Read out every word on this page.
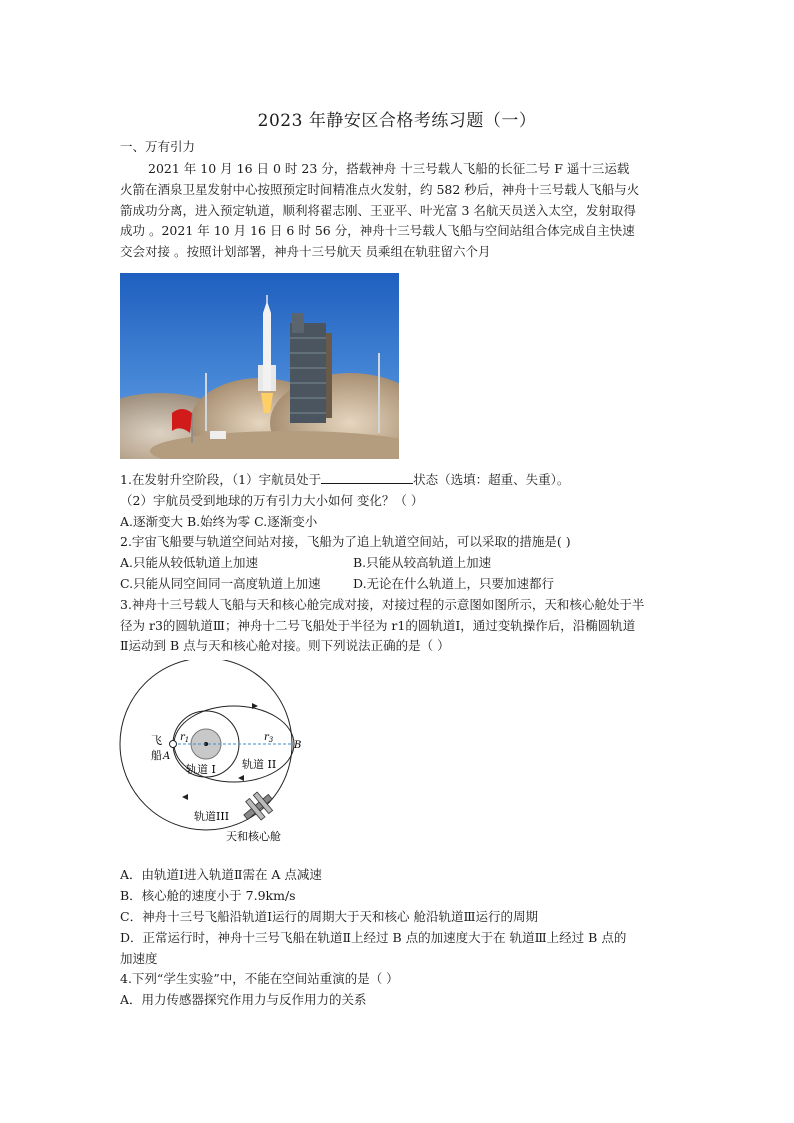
2023 年静安区合格考练习题（一）
一、万有引力
2021 年 10 月 16 日 0 时 23 分，搭载神舟 十三号载人飞船的长征二号 F 遥十三运载
火箭在酒泉卫星发射中心按照预定时间精准点火发射，约 582 秒后，神舟十三号载人飞船与火
箭成功分离，进入预定轨道，顺利将翟志刚、王亚平、叶光富 3 名航天员送入太空，发射取得
成功 。2021 年 10 月 16 日 6 时 56 分，神舟十三号载人飞船与空间站组合体完成自主快速
交会对接 。按照计划部署，神舟十三号航天 员乘组在轨驻留六个月
1.在发射升空阶段，（1）宇航员处于	状态（选填：超重、失重）。
（2）宇航员受到地球的万有引力大小如何 变化？（ ）
A.逐渐变大 B.始终为零 C.逐渐变小
2.宇宙飞船要与轨道空间站对接，飞船为了追上轨道空间站，可以采取的措施是( )
A.只能从较低轨道上加速	B.只能从较高轨道上加速
C.只能从同空间同一高度轨道上加速	D.无论在什么轨道上，只要加速都行
3.神舟十三号载人飞船与天和核心舱完成对接，对接过程的示意图如图所示，天和核心舱处于半
径为 r3的圆轨道Ⅲ；神舟十二号飞船处于半径为 r1的圆轨道Ⅰ，通过变轨操作后，沿椭圆轨道
Ⅱ运动到 B 点与天和核心舱对接。则下列说法正确的是（ ）
飞
船 A
B
$r_1$	$r_3$
轨道 I 轨道 II
轨道III
天和核心舱
A．由轨道Ⅰ进入轨道Ⅱ需在 A 点减速
B．核心舱的速度小于 7.9km/s
C．神舟十三号飞船沿轨道Ⅰ运行的周期大于天和核心 舱沿轨道Ⅲ运行的周期
D．正常运行时，神舟十三号飞船在轨道Ⅱ上经过 B 点的加速度大于在 轨道Ⅲ上经过 B 点的
加速度
4.下列“学生实验”中，不能在空间站重演的是（ ）
A．用力传感器探究作用力与反作用力的关系
